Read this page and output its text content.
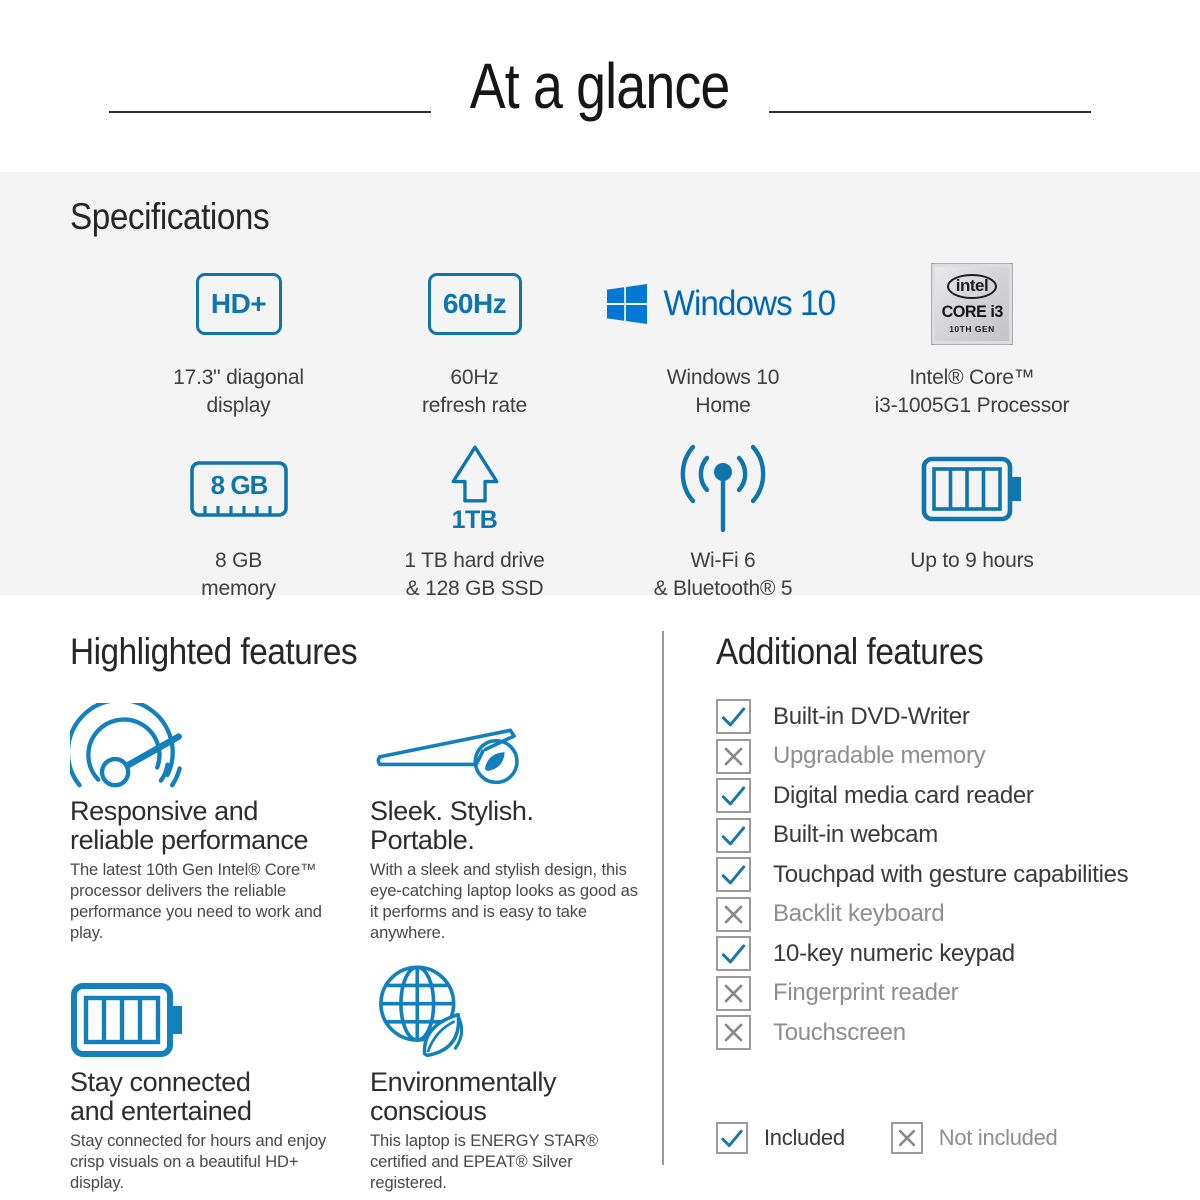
At a glance
Specifications
HD+
17.3" diagonal
display
60Hz
60Hz
refresh rate
Windows 10
Windows 10
Home
intel
CORE i3
10TH GEN
Intel® Core™
i3-1005G1 Processor
8 GB
8 GB
memory
1TB
1 TB hard drive
& 128 GB SSD
Wi-Fi 6
& Bluetooth® 5
Up to 9 hours
Highlighted features
Responsive and
reliable performance
The latest 10th Gen Intel® Core™ processor delivers the reliable performance you need to work and play.
Sleek. Stylish.
Portable.
With a sleek and stylish design, this eye-catching laptop looks as good as it performs and is easy to take anywhere.
Stay connected
and entertained
Stay connected for hours and enjoy crisp visuals on a beautiful HD+ display.
Environmentally
conscious
This laptop is ENERGY STAR® certified and EPEAT® Silver registered.
Additional features
Built-in DVD-Writer
Upgradable memory
Digital media card reader
Built-in webcam
Touchpad with gesture capabilities
Backlit keyboard
10-key numeric keypad
Fingerprint reader
Touchscreen
Included	Not included
